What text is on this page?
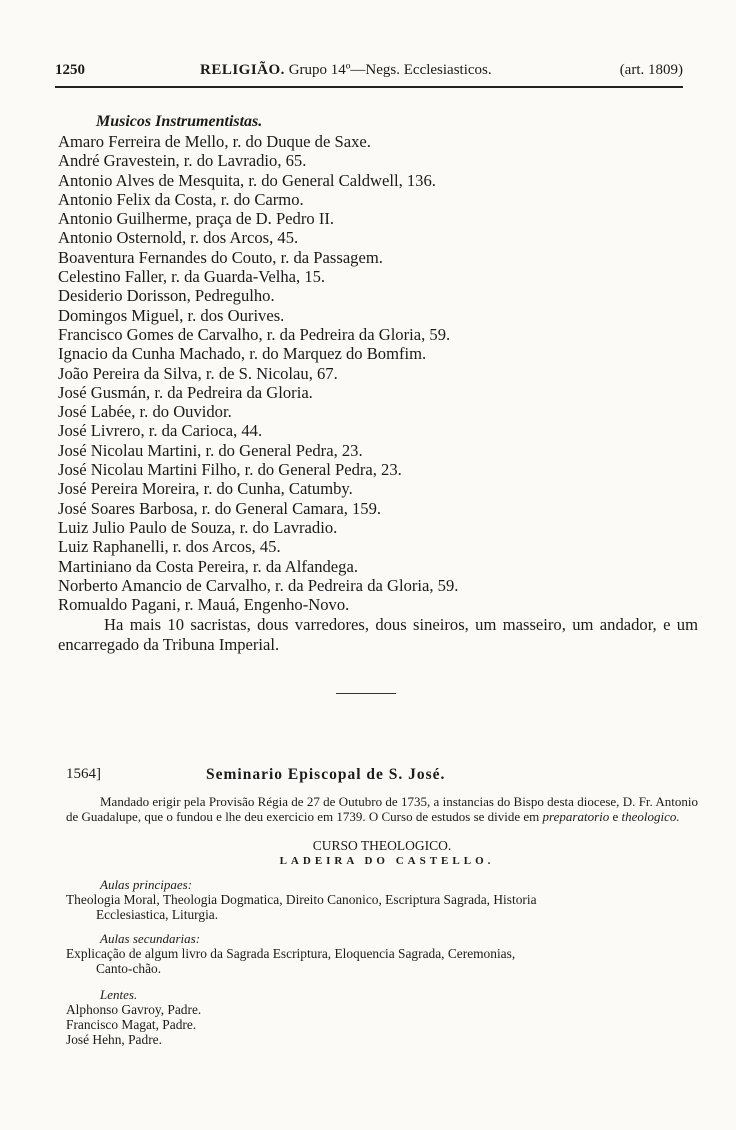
1250	RELIGIÃO. Grupo 14º—Negs. Ecclesiasticos.	(art. 1809)
Musicos Instrumentistas.
Amaro Ferreira de Mello, r. do Duque de Saxe.
André Gravestein, r. do Lavradio, 65.
Antonio Alves de Mesquita, r. do General Caldwell, 136.
Antonio Felix da Costa, r. do Carmo.
Antonio Guilherme, praça de D. Pedro II.
Antonio Osternold, r. dos Arcos, 45.
Boaventura Fernandes do Couto, r. da Passagem.
Celestino Faller, r. da Guarda-Velha, 15.
Desiderio Dorisson, Pedregulho.
Domingos Miguel, r. dos Ourives.
Francisco Gomes de Carvalho, r. da Pedreira da Gloria, 59.
Ignacio da Cunha Machado, r. do Marquez do Bomfim.
João Pereira da Silva, r. de S. Nicolau, 67.
José Gusmán, r. da Pedreira da Gloria.
José Labée, r. do Ouvidor.
José Livrero, r. da Carioca, 44.
José Nicolau Martini, r. do General Pedra, 23.
José Nicolau Martini Filho, r. do General Pedra, 23.
José Pereira Moreira, r. do Cunha, Catumby.
José Soares Barbosa, r. do General Camara, 159.
Luiz Julio Paulo de Souza, r. do Lavradio.
Luiz Raphanelli, r. dos Arcos, 45.
Martiniano da Costa Pereira, r. da Alfandega.
Norberto Amancio de Carvalho, r. da Pedreira da Gloria, 59.
Romualdo Pagani, r. Mauá, Engenho-Novo.
Ha mais 10 sacristas, dous varredores, dous sineiros, um masseiro, um andador, e um encarregado da Tribuna Imperial.
1564]	Seminario Episcopal de S. José.
Mandado erigir pela Provisão Régia de 27 de Outubro de 1735, a instancias do Bispo desta diocese, D. Fr. Antonio de Guadalupe, que o fundou e lhe deu exercicio em 1739. O Curso de estudos se divide em preparatorio e theologico.
CURSO THEOLOGICO.
LADEIRA DO CASTELLO.
Aulas principaes:
Theologia Moral, Theologia Dogmatica, Direito Canonico, Escriptura Sagrada, Historia
Ecclesiastica, Liturgia.
Aulas secundarias:
Explicação de algum livro da Sagrada Escriptura, Eloquencia Sagrada, Ceremonias,
Canto-chão.
Lentes.
Alphonso Gavroy, Padre.
Francisco Magat, Padre.
José Hehn, Padre.
